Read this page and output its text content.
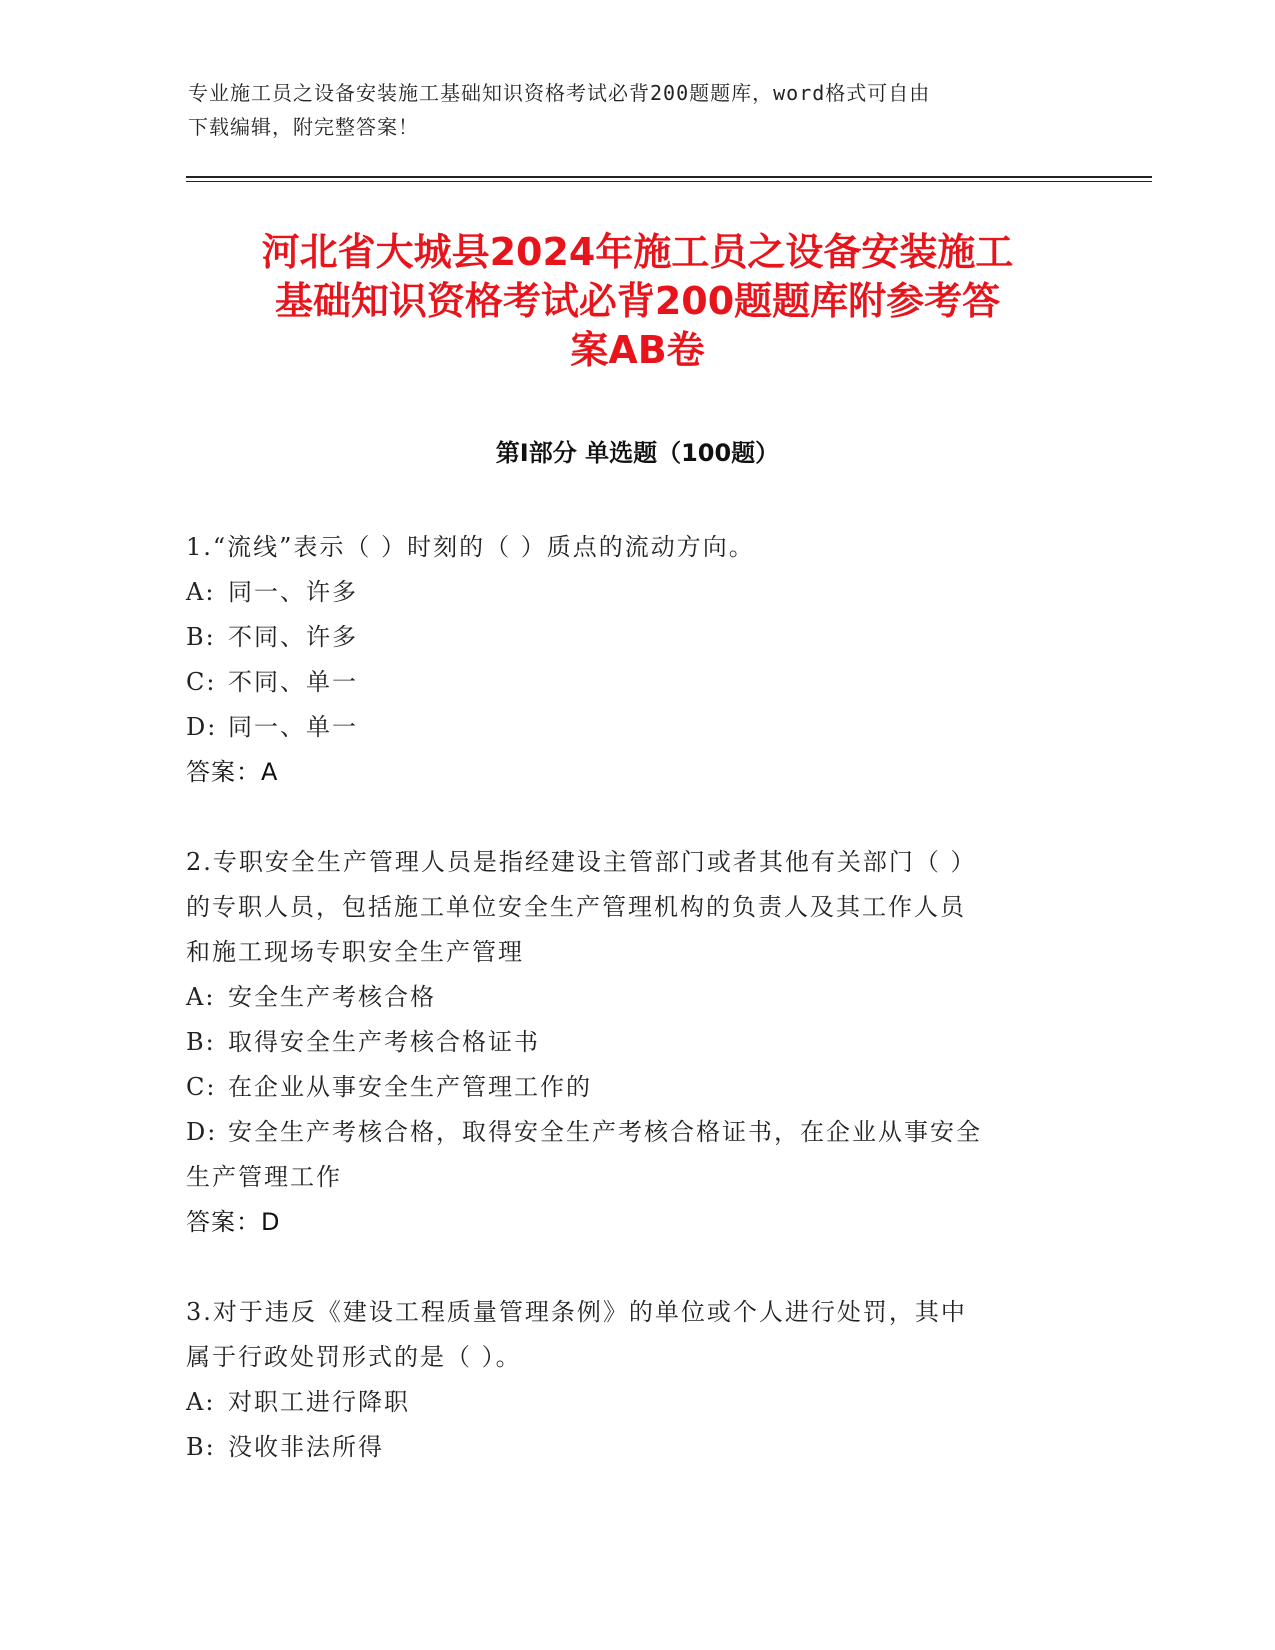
专业施工员之设备安装施工基础知识资格考试必背200题题库，word格式可自由
下载编辑，附完整答案！
河北省大城县2024年施工员之设备安装施工
基础知识资格考试必背200题题库附参考答
案AB卷
第Ⅰ部分 单选题（100题）

1.“流线”表示（ ）时刻的（ ）质点的流动方向。

A: 同一、许多

B: 不同、许多

C: 不同、单一

D: 同一、单一

答案：A

2.专职安全生产管理人员是指经建设主管部门或者其他有关部门（ ）

的专职人员，包括施工单位安全生产管理机构的负责人及其工作人员

和施工现场专职安全生产管理

A: 安全生产考核合格

B: 取得安全生产考核合格证书

C: 在企业从事安全生产管理工作的

D: 安全生产考核合格，取得安全生产考核合格证书，在企业从事安全

生产管理工作

答案：D

3.对于违反《建设工程质量管理条例》的单位或个人进行处罚，其中

属于行政处罚形式的是（ ）。

A: 对职工进行降职

B: 没收非法所得
